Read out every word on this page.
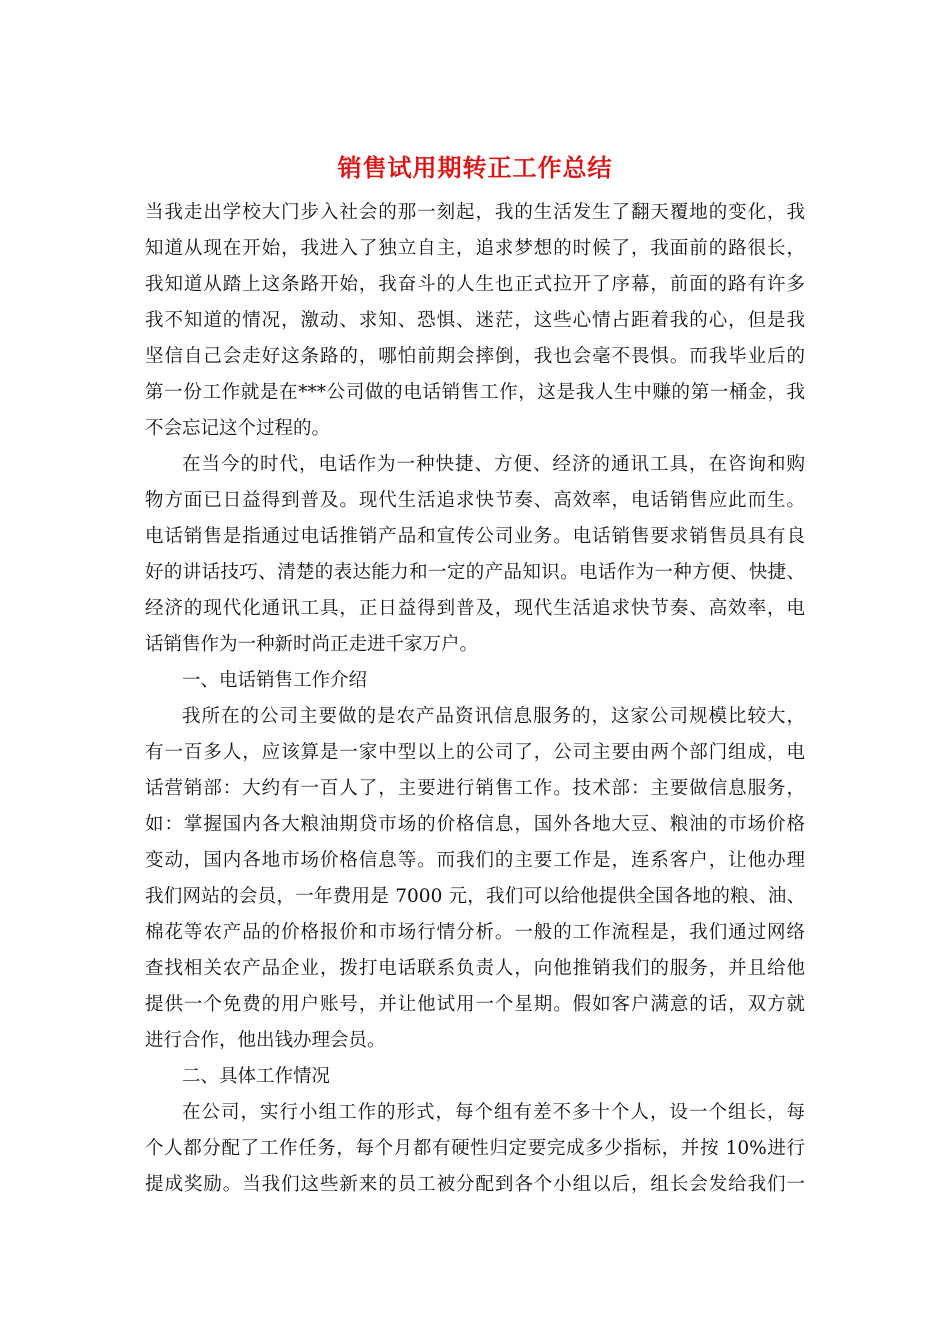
销售试用期转正工作总结

当我走出学校大门步入社会的那一刻起，我的生活发生了翻天覆地的变化，我

知道从现在开始，我进入了独立自主，追求梦想的时候了，我面前的路很长，

我知道从踏上这条路开始，我奋斗的人生也正式拉开了序幕，前面的路有许多

我不知道的情况，激动、求知、恐惧、迷茫，这些心情占距着我的心，但是我

坚信自己会走好这条路的，哪怕前期会摔倒，我也会毫不畏惧。而我毕业后的

第一份工作就是在***公司做的电话销售工作，这是我人生中赚的第一桶金，我

不会忘记这个过程的。

在当今的时代，电话作为一种快捷、方便、经济的通讯工具，在咨询和购

物方面已日益得到普及。现代生活追求快节奏、高效率，电话销售应此而生。

电话销售是指通过电话推销产品和宣传公司业务。电话销售要求销售员具有良

好的讲话技巧、清楚的表达能力和一定的产品知识。电话作为一种方便、快捷、

经济的现代化通讯工具，正日益得到普及，现代生活追求快节奏、高效率，电

话销售作为一种新时尚正走进千家万户。

一、电话销售工作介绍

我所在的公司主要做的是农产品资讯信息服务的，这家公司规模比较大，

有一百多人，应该算是一家中型以上的公司了，公司主要由两个部门组成，电

话营销部：大约有一百人了，主要进行销售工作。技术部：主要做信息服务，

如：掌握国内各大粮油期贷市场的价格信息，国外各地大豆、粮油的市场价格

变动，国内各地市场价格信息等。而我们的主要工作是，连系客户，让他办理

我们网站的会员，一年费用是 7000 元，我们可以给他提供全国各地的粮、油、

棉花等农产品的价格报价和市场行情分析。一般的工作流程是，我们通过网络

查找相关农产品企业，拨打电话联系负责人，向他推销我们的服务，并且给他

提供一个免费的用户账号，并让他试用一个星期。假如客户满意的话，双方就

进行合作，他出钱办理会员。

二、具体工作情况

在公司，实行小组工作的形式，每个组有差不多十个人，设一个组长，每

个人都分配了工作任务，每个月都有硬性归定要完成多少指标，并按 10%进行

提成奖励。当我们这些新来的员工被分配到各个小组以后，组长会发给我们一
